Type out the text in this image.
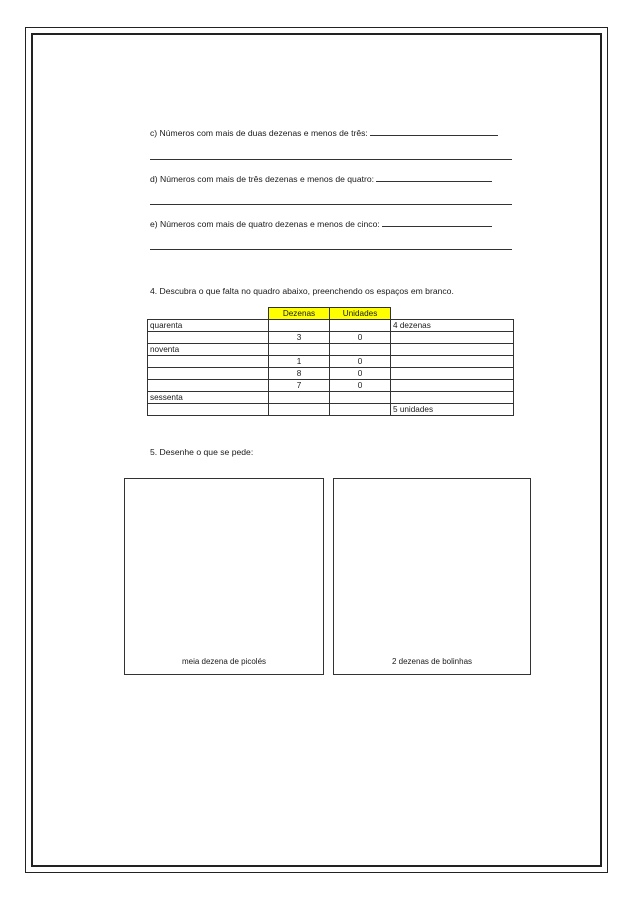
c) Números com mais de duas dezenas e menos de três:
d) Números com mais de três dezenas e menos de quatro:
e) Números com mais de quatro dezenas e menos de cinco:
4. Descubra o que falta no quadro abaixo, preenchendo os espaços em branco.
	Dezenas	Unidades	
quarenta			4 dezenas
	3	0	
noventa			
	1	0	
	8	0	
	7	0	
sessenta			
			5 unidades
5. Desenhe o que se pede:
meia dezena de picolés	2 dezenas de bolinhas
